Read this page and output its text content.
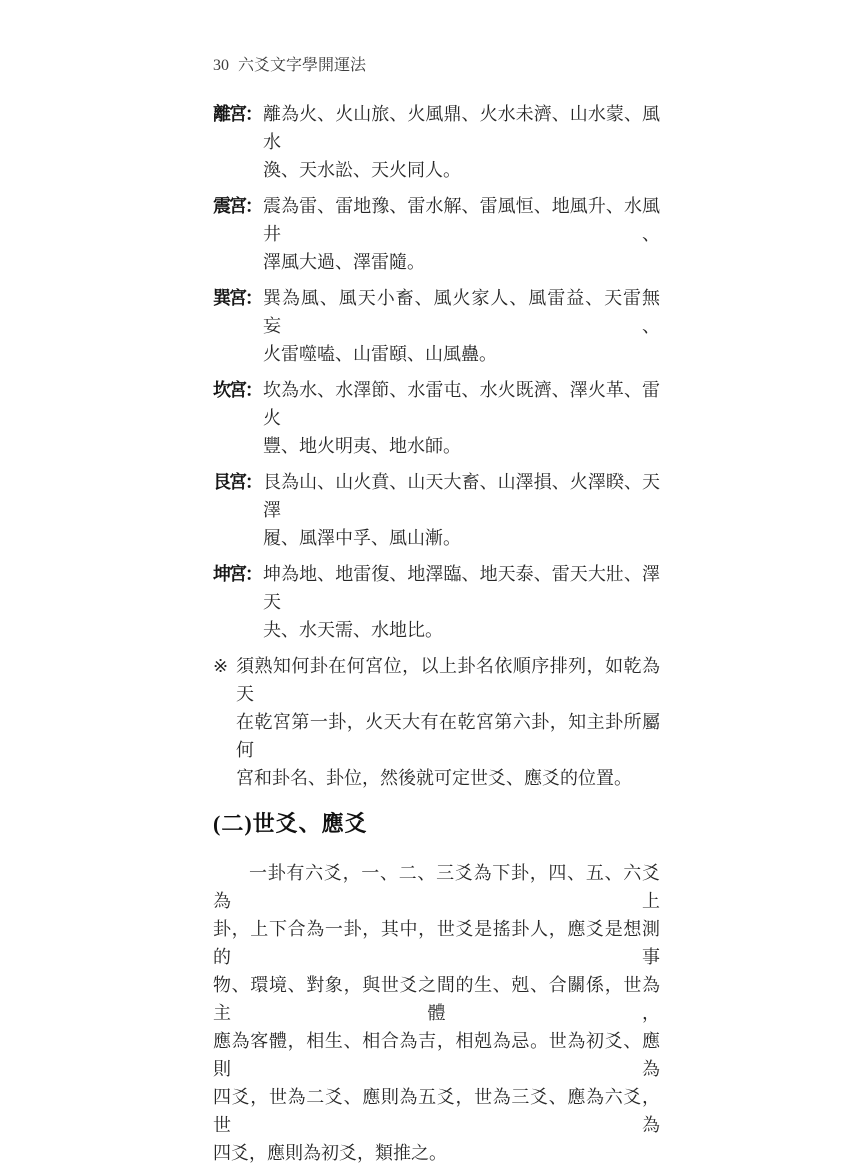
30 六爻文字學開運法
離宮： 離為火、火山旅、火風鼎、火水未濟、山水蒙、風水
渙、天水訟、天火同人。
震宮： 震為雷、雷地豫、雷水解、雷風恒、地風升、水風井、
澤風大過、澤雷隨。
巽宮： 巽為風、風天小畜、風火家人、風雷益、天雷無妄、
火雷噬嗑、山雷頤、山風蠱。
坎宮： 坎為水、水澤節、水雷屯、水火既濟、澤火革、雷火
豐、地火明夷、地水師。
艮宮： 艮為山、山火賁、山天大畜、山澤損、火澤睽、天澤
履、風澤中孚、風山漸。
坤宮： 坤為地、地雷復、地澤臨、地天泰、雷天大壯、澤天
夬、水天需、水地比。
※ 須熟知何卦在何宮位，以上卦名依順序排列，如乾為天
在乾宮第一卦，火天大有在乾宮第六卦，知主卦所屬何
宮和卦名、卦位，然後就可定世爻、應爻的位置。
(二)世爻、應爻
一卦有六爻，一、二、三爻為下卦，四、五、六爻為上
卦，上下合為一卦，其中，世爻是搖卦人，應爻是想測的事
物、環境、對象，與世爻之間的生、剋、合關係，世為主體，
應為客體，相生、相合為吉，相剋為忌。世為初爻、應則為
四爻，世為二爻、應則為五爻，世為三爻、應為六爻，世為
四爻，應則為初爻，類推之。
